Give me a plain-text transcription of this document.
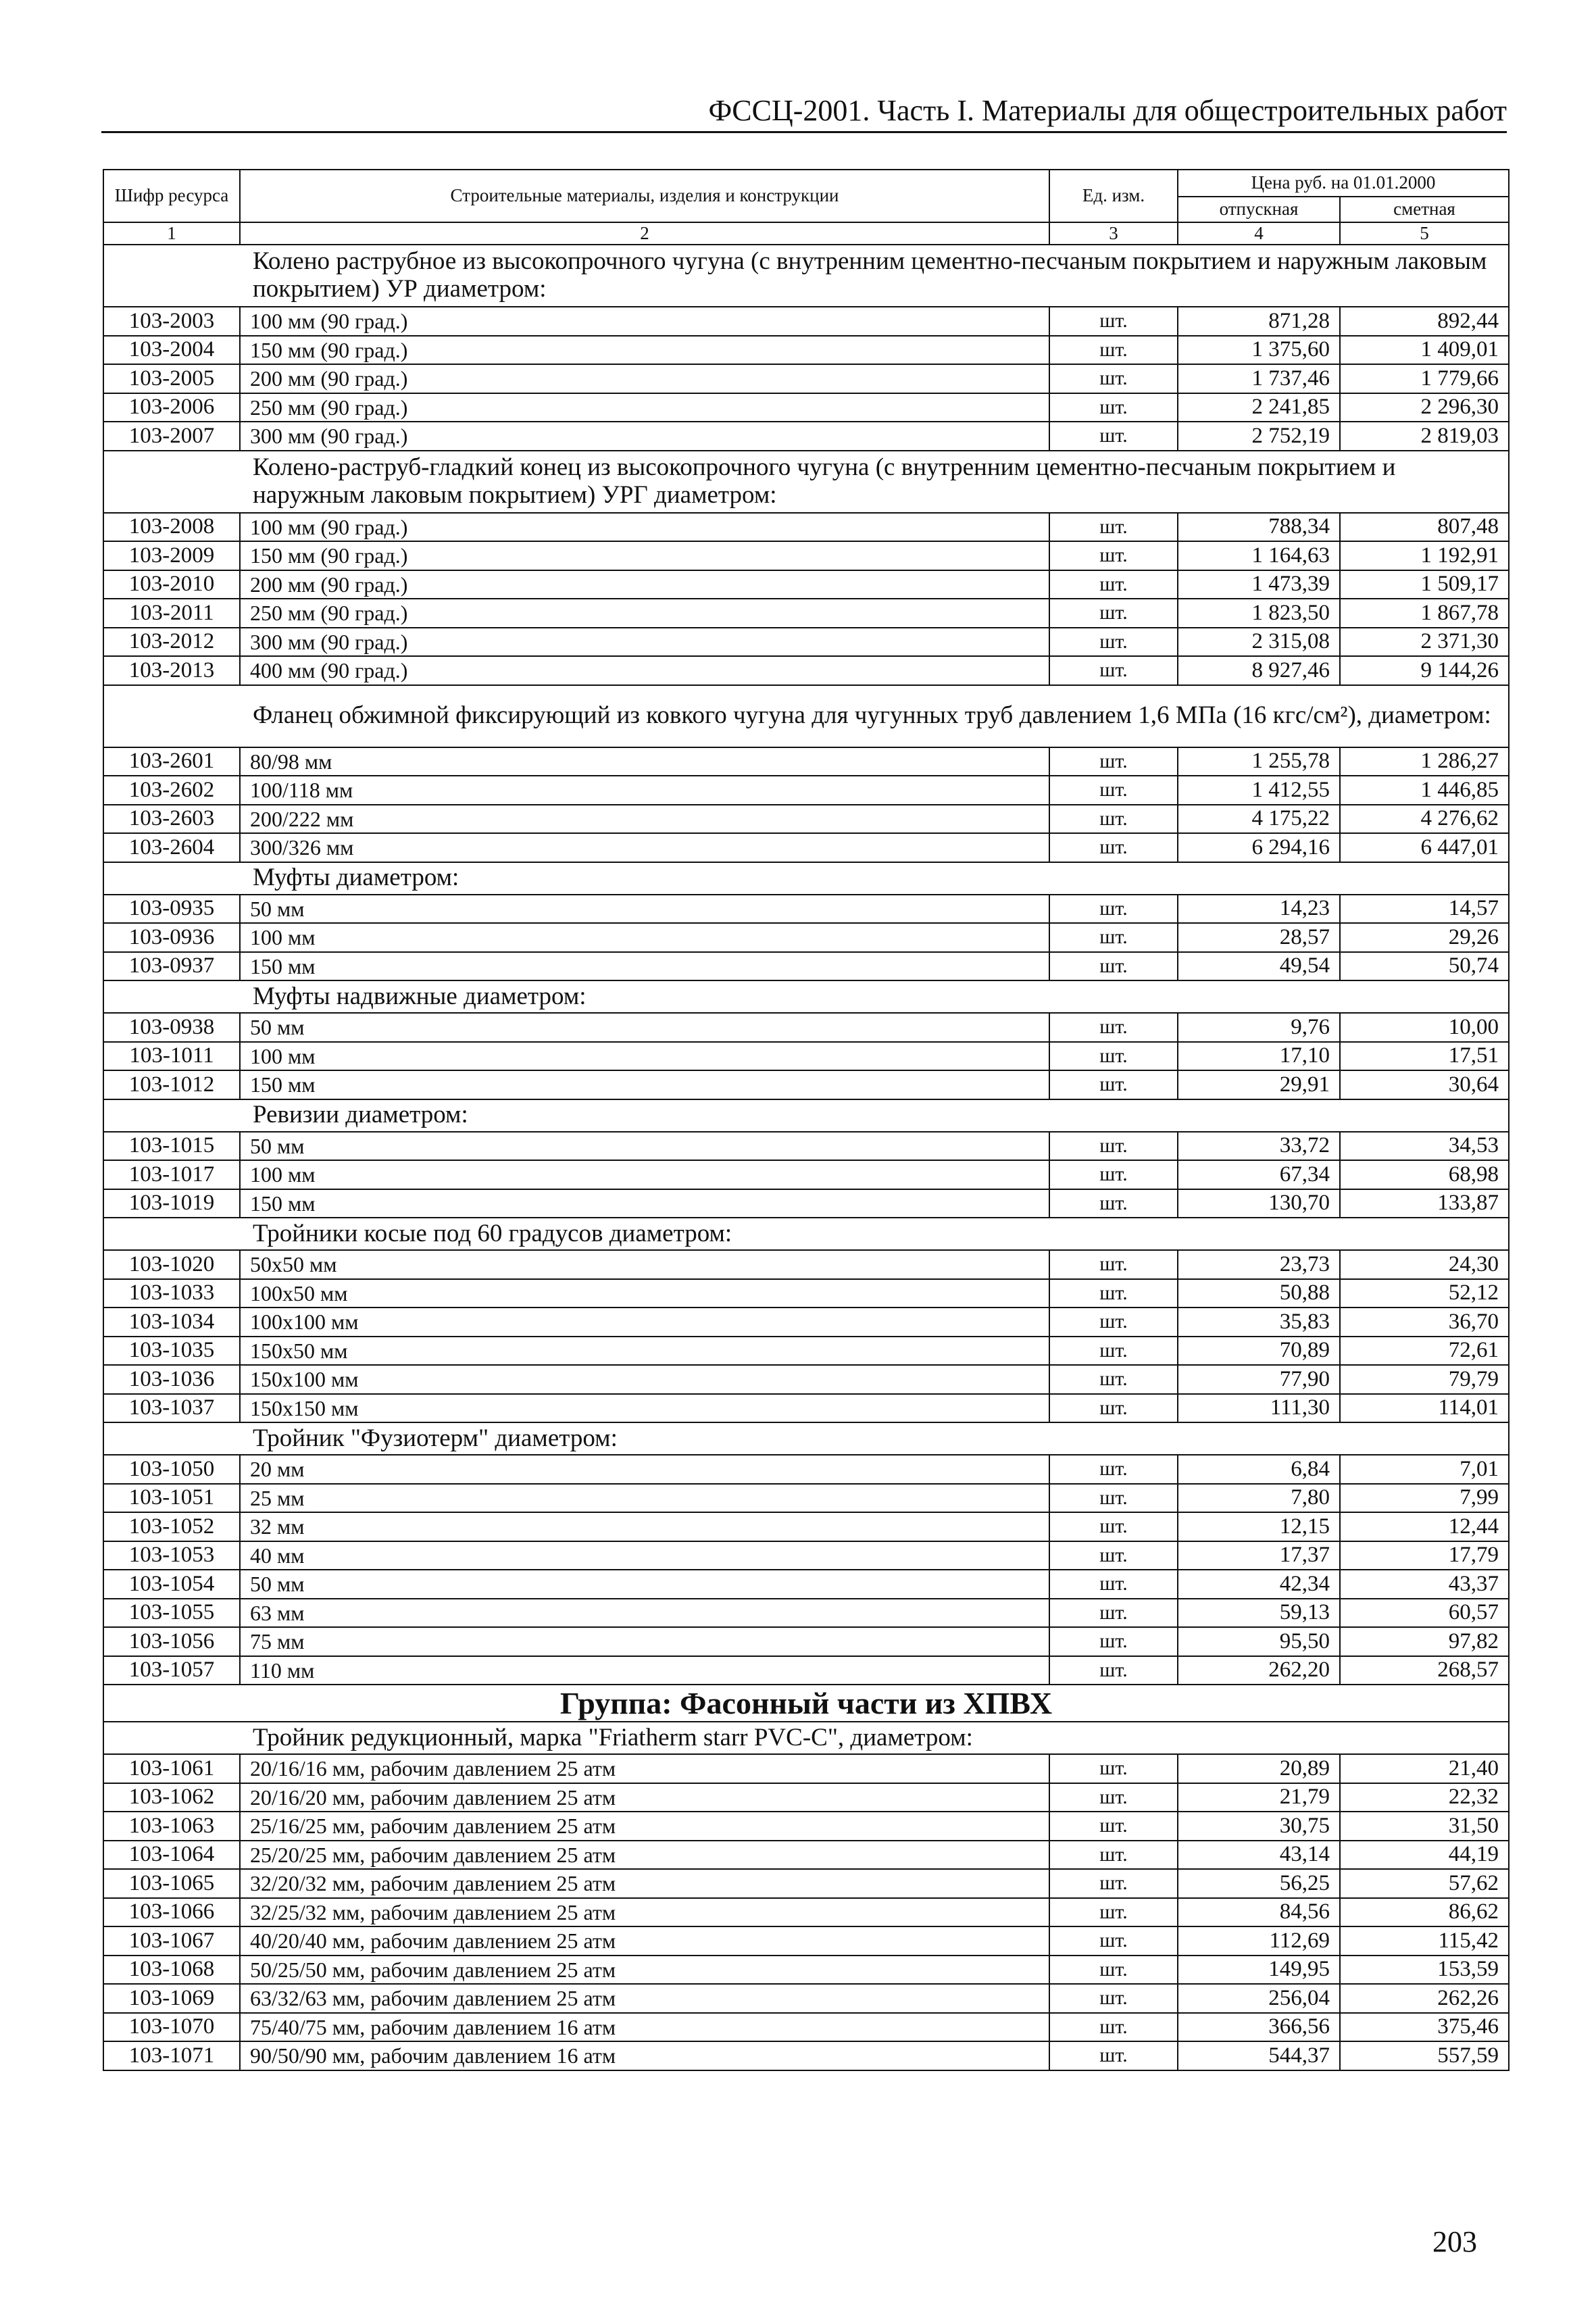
ФССЦ-2001. Часть I. Материалы для общестроительных работ
Шифр ресурса	Строительные материалы, изделия и конструкции	Ед. изм.	Цена руб. на 01.01.2000	
			отпускная	сметная
1	2	3	4	5
Колено раструбное из высокопрочного чугуна (с внутренним цементно-песчаным покрытием и наружным лаковым покрытием) УР диаметром:				
103-2003	100 мм (90 град.)	шт.	871,28	892,44
103-2004	150 мм (90 град.)	шт.	1 375,60	1 409,01
103-2005	200 мм (90 град.)	шт.	1 737,46	1 779,66
103-2006	250 мм (90 град.)	шт.	2 241,85	2 296,30
103-2007	300 мм (90 град.)	шт.	2 752,19	2 819,03
Колено-раструб-гладкий конец из высокопрочного чугуна (с внутренним цементно-песчаным покрытием и наружным лаковым покрытием) УРГ диаметром:				
103-2008	100 мм (90 град.)	шт.	788,34	807,48
103-2009	150 мм (90 град.)	шт.	1 164,63	1 192,91
103-2010	200 мм (90 град.)	шт.	1 473,39	1 509,17
103-2011	250 мм (90 град.)	шт.	1 823,50	1 867,78
103-2012	300 мм (90 град.)	шт.	2 315,08	2 371,30
103-2013	400 мм (90 град.)	шт.	8 927,46	9 144,26
Фланец обжимной фиксирующий из ковкого чугуна для чугунных труб давлением 1,6 МПа (16 кгс/см²), диаметром:				
103-2601	80/98 мм	шт.	1 255,78	1 286,27
103-2602	100/118 мм	шт.	1 412,55	1 446,85
103-2603	200/222 мм	шт.	4 175,22	4 276,62
103-2604	300/326 мм	шт.	6 294,16	6 447,01
Муфты диаметром:				
103-0935	50 мм	шт.	14,23	14,57
103-0936	100 мм	шт.	28,57	29,26
103-0937	150 мм	шт.	49,54	50,74
Муфты надвижные диаметром:				
103-0938	50 мм	шт.	9,76	10,00
103-1011	100 мм	шт.	17,10	17,51
103-1012	150 мм	шт.	29,91	30,64
Ревизии диаметром:				
103-1015	50 мм	шт.	33,72	34,53
103-1017	100 мм	шт.	67,34	68,98
103-1019	150 мм	шт.	130,70	133,87
Тройники косые под 60 градусов диаметром:				
103-1020	50x50 мм	шт.	23,73	24,30
103-1033	100x50 мм	шт.	50,88	52,12
103-1034	100x100 мм	шт.	35,83	36,70
103-1035	150x50 мм	шт.	70,89	72,61
103-1036	150x100 мм	шт.	77,90	79,79
103-1037	150x150 мм	шт.	111,30	114,01
Тройник "Фузиотерм" диаметром:				
103-1050	20 мм	шт.	6,84	7,01
103-1051	25 мм	шт.	7,80	7,99
103-1052	32 мм	шт.	12,15	12,44
103-1053	40 мм	шт.	17,37	17,79
103-1054	50 мм	шт.	42,34	43,37
103-1055	63 мм	шт.	59,13	60,57
103-1056	75 мм	шт.	95,50	97,82
103-1057	110 мм	шт.	262,20	268,57
Группа: Фасонный части из ХПВХ				
Тройник редукционный, марка "Friatherm starr PVC-C", диаметром:				
103-1061	20/16/16 мм, рабочим давлением 25 атм	шт.	20,89	21,40
103-1062	20/16/20 мм, рабочим давлением 25 атм	шт.	21,79	22,32
103-1063	25/16/25 мм, рабочим давлением 25 атм	шт.	30,75	31,50
103-1064	25/20/25 мм, рабочим давлением 25 атм	шт.	43,14	44,19
103-1065	32/20/32 мм, рабочим давлением 25 атм	шт.	56,25	57,62
103-1066	32/25/32 мм, рабочим давлением 25 атм	шт.	84,56	86,62
103-1067	40/20/40 мм, рабочим давлением 25 атм	шт.	112,69	115,42
103-1068	50/25/50 мм, рабочим давлением 25 атм	шт.	149,95	153,59
103-1069	63/32/63 мм, рабочим давлением 25 атм	шт.	256,04	262,26
103-1070	75/40/75 мм, рабочим давлением 16 атм	шт.	366,56	375,46
103-1071	90/50/90 мм, рабочим давлением 16 атм	шт.	544,37	557,59
203
